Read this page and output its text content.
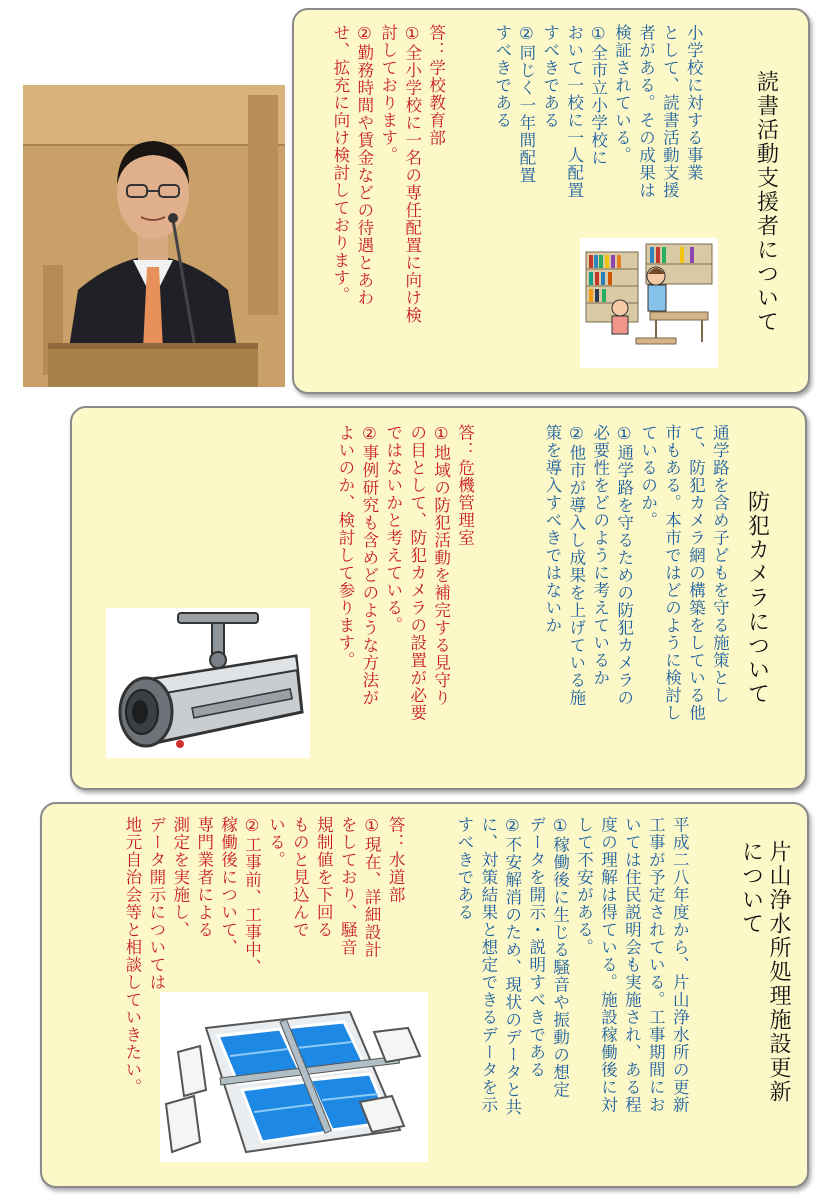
読書活動支援者について

小学校に対する事業
として、読書活動支援
者がある。その成果は
検証されている。
①全市立小学校に
おいて一校に一人配置
すべきである
②同じく一年間配置
すべきである

答：学校教育部
①全小学校に一名の専任配置に向け検
討しております。
②勤務時間や賃金などの待遇とあわ
せ、拡充に向け検討しております。

防犯カメラについて

通学路を含め子どもを守る施策とし
て、防犯カメラ網の構築をしている他
市もある。本市ではどのように検討し
ているのか。
①通学路を守るための防犯カメラの
必要性をどのように考えているか
②他市が導入し成果を上げている施
策を導入すべきではないか

答：危機管理室
①地域の防犯活動を補完する見守り
の目として、防犯カメラの設置が必要
ではないかと考えている。
②事例研究も含めどのような方法が
よいのか、検討して参ります。

片山浄水所処理施設更新
について

平成二八年度から、片山浄水所の更新
工事が予定されている。工事期間にお
いては住民説明会も実施され、ある程
度の理解は得ている。施設稼働後に対
して不安がある。
①稼働後に生じる騒音や振動の想定
データを開示・説明すべきである
②不安解消のため、現状のデータと共
に、対策結果と想定できるデータを示
すべきである

答：水道部
①現在、詳細設計
をしており、騒音
規制値を下回る
ものと見込んで
いる。
②工事前、工事中、
稼働後について、
専門業者による
測定を実施し、
データ開示については
地元自治会等と相談していきたい。
